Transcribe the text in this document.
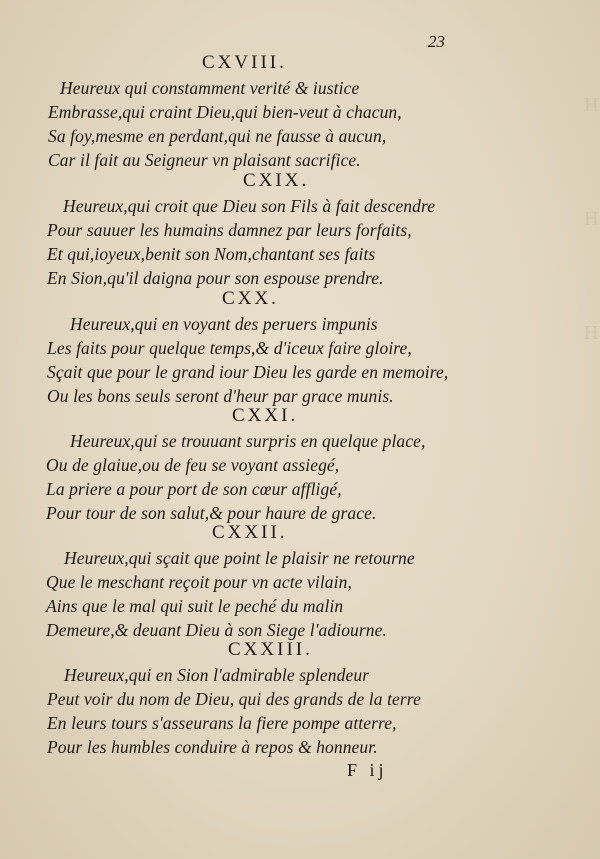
23
H
H
H
CXVIII.
Heureux qui constamment verité & iustice
Embrasse,qui craint Dieu,qui bien-veut à chacun,
Sa foy,mesme en perdant,qui ne fausse à aucun,
Car il fait au Seigneur vn plaisant sacrifice.
CXIX.
Heureux,qui croit que Dieu son Fils à fait descendre
Pour sauuer les humains damnez par leurs forfaits,
Et qui,ioyeux,benit son Nom,chantant ses faits
En Sion,qu'il daigna pour son espouse prendre.
CXX.
Heureux,qui en voyant des peruers impunis
Les faits pour quelque temps,& d'iceux faire gloire,
Sçait que pour le grand iour Dieu les garde en memoire,
Ou les bons seuls seront d'heur par grace munis.
CXXI.
Heureux,qui se trouuant surpris en quelque place,
Ou de glaiue,ou de feu se voyant assiegé,
La priere a pour port de son cœur affligé,
Pour tour de son salut,& pour haure de grace.
CXXII.
Heureux,qui sçait que point le plaisir ne retourne
Que le meschant reçoit pour vn acte vilain,
Ains que le mal qui suit le peché du malin
Demeure,& deuant Dieu à son Siege l'adiourne.
CXXIII.
Heureux,qui en Sion l'admirable splendeur
Peut voir du nom de Dieu, qui des grands de la terre
En leurs tours s'asseurans la fiere pompe atterre,
Pour les humbles conduire à repos & honneur.
F ij
